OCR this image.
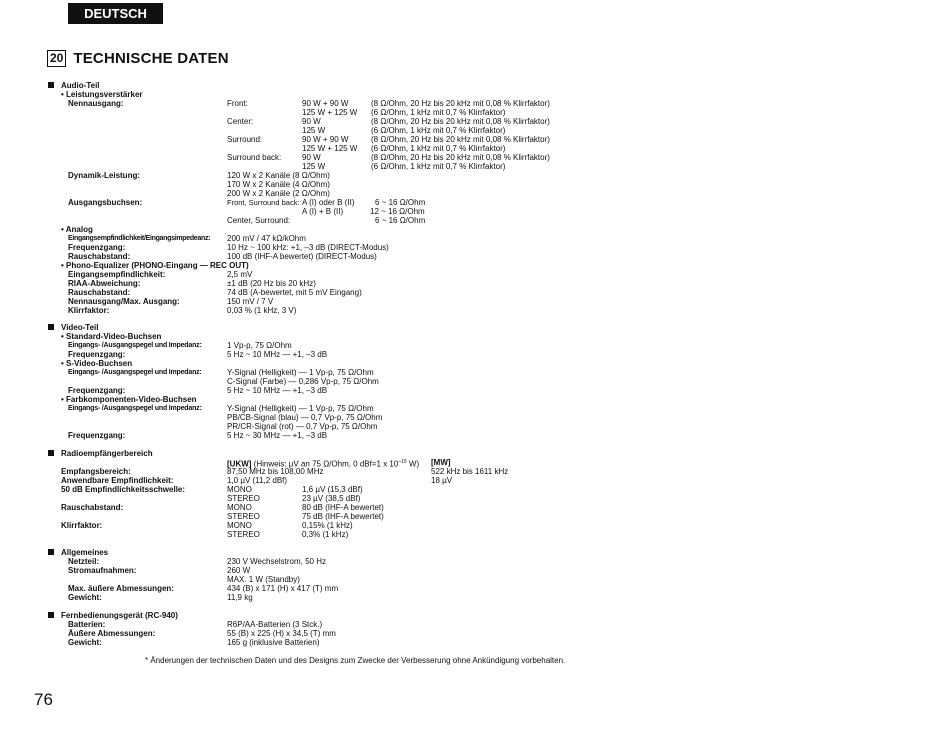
DEUTSCH
20 TECHNISCHE DATEN
Audio-Teil
• Leistungsverstärker
Nennausgang:	Front:	90 W + 90 W	(8 Ω/Ohm, 20 Hz bis 20 kHz mit 0,08 % Klirrfaktor)
125 W + 125 W (6 Ω/Ohm, 1 kHz mit 0,7 % Klirrfaktor)
Center:	90 W	(8 Ω/Ohm, 20 Hz bis 20 kHz mit 0,08 % Klirrfaktor)
125 W	(6 Ω/Ohm, 1 kHz mit 0,7 % Klirrfaktor)
Surround:	90 W + 90 W	(8 Ω/Ohm, 20 Hz bis 20 kHz mit 0,08 % Klirrfaktor)
125 W + 125 W (6 Ω/Ohm, 1 kHz mit 0,7 % Klirrfaktor)
Surround back:	90 W	(8 Ω/Ohm, 20 Hz bis 20 kHz mit 0,08 % Klirrfaktor)
125 W	(6 Ω/Ohm, 1 kHz mit 0,7 % Klirrfaktor)
Dynamik-Leistung:	120 W x 2 Kanäle (8 Ω/Ohm)
170 W x 2 Kanäle (4 Ω/Ohm)
200 W x 2 Kanäle (2 Ω/Ohm)
Ausgangsbuchsen:	Front, Surround back: A (I) oder B (II)	6 ~ 16 Ω/Ohm
A (I) + B (II)	12 ~ 16 Ω/Ohm
Center, Surround:	6 ~ 16 Ω/Ohm
• Analog
Eingangsempfindlichkeit/Eingangsimpedeanz: 200 mV / 47 kΩ/kOhm
Frequenzgang:	10 Hz ~ 100 kHz: +1, –3 dB (DIRECT-Modus)
Rauschabstand:	100 dB (IHF-A bewertet) (DIRECT-Modus)
• Phono-Equalizer (PHONO-Eingang — REC OUT)
Eingangsempfindlichkeit:	2,5 mV
RIAA-Abweichung:	±1 dB (20 Hz bis 20 kHz)
Rauschabstand:	74 dB (A-bewertet, mit 5 mV Eingang)
Nennausgang/Max. Ausgang:	150 mV / 7 V
Klirrfaktor:	0,03 % (1 kHz, 3 V)
Video-Teil
• Standard-Video-Buchsen
Eingangs- /Ausgangspegel und Impedanz:	1 Vp-p, 75 Ω/Ohm
Frequenzgang:	5 Hz ~ 10 MHz — +1, –3 dB
• S-Video-Buchsen
Eingangs- /Ausgangspegel und Impedanz:	Y-Signal (Helligkeit) — 1 Vp-p, 75 Ω/Ohm
C-Signal (Farbe) — 0,286 Vp-p, 75 Ω/Ohm
Frequenzgang:	5 Hz ~ 10 MHz — +1, –3 dB
• Farbkomponenten-Video-Buchsen
Eingangs- /Ausgangspegel und Impedanz:	Y-Signal (Helligkeit) — 1 Vp-p, 75 Ω/Ohm
PB/CB-Signal (blau) — 0,7 Vp-p, 75 Ω/Ohm
PR/CR-Signal (rot) — 0,7 Vp-p, 75 Ω/Ohm
Frequenzgang:	5 Hz ~ 30 MHz — +1, –3 dB
Radioempfängerbereich
[UKW] (Hinweis: µV an 75 Ω/Ohm, 0 dBf=1 x $10^{-15}$ W) [MW]
Empfangsbereich:	87,50 MHz bis 108,00 MHz	522 kHz bis 1611 kHz
Anwendbare Empfindlichkeit:	1,0 µV (11,2 dBf)	18 µV
50 dB Empfindlichkeitsschwelle:	MONO	1,6 µV (15,3 dBf)
STEREO	23 µV (38,5 dBf)
Rauschabstand:	MONO	80 dB (IHF-A bewertet)
STEREO	75 dB (IHF-A bewertet)
Klirrfaktor:	MONO	0,15% (1 kHz)
STEREO	0,3% (1 kHz)
Allgemeines
Netzteil:	230 V Wechselstrom, 50 Hz
Stromaufnahmen:	260 W
MAX. 1 W (Standby)
Max. äußere Abmessungen:	434 (B) x 171 (H) x 417 (T) mm
Gewicht:	11,9 kg
Fernbedienungsgerät (RC-940)
Batterien:	R6P/AA-Batterien (3 Stck.)
Äußere Abmessungen:	55 (B) x 225 (H) x 34,5 (T) mm
Gewicht:	165 g (inklusive Batterien)
* Änderungen der technischen Daten und des Designs zum Zwecke der Verbesserung ohne Ankündigung vorbehalten.
76
